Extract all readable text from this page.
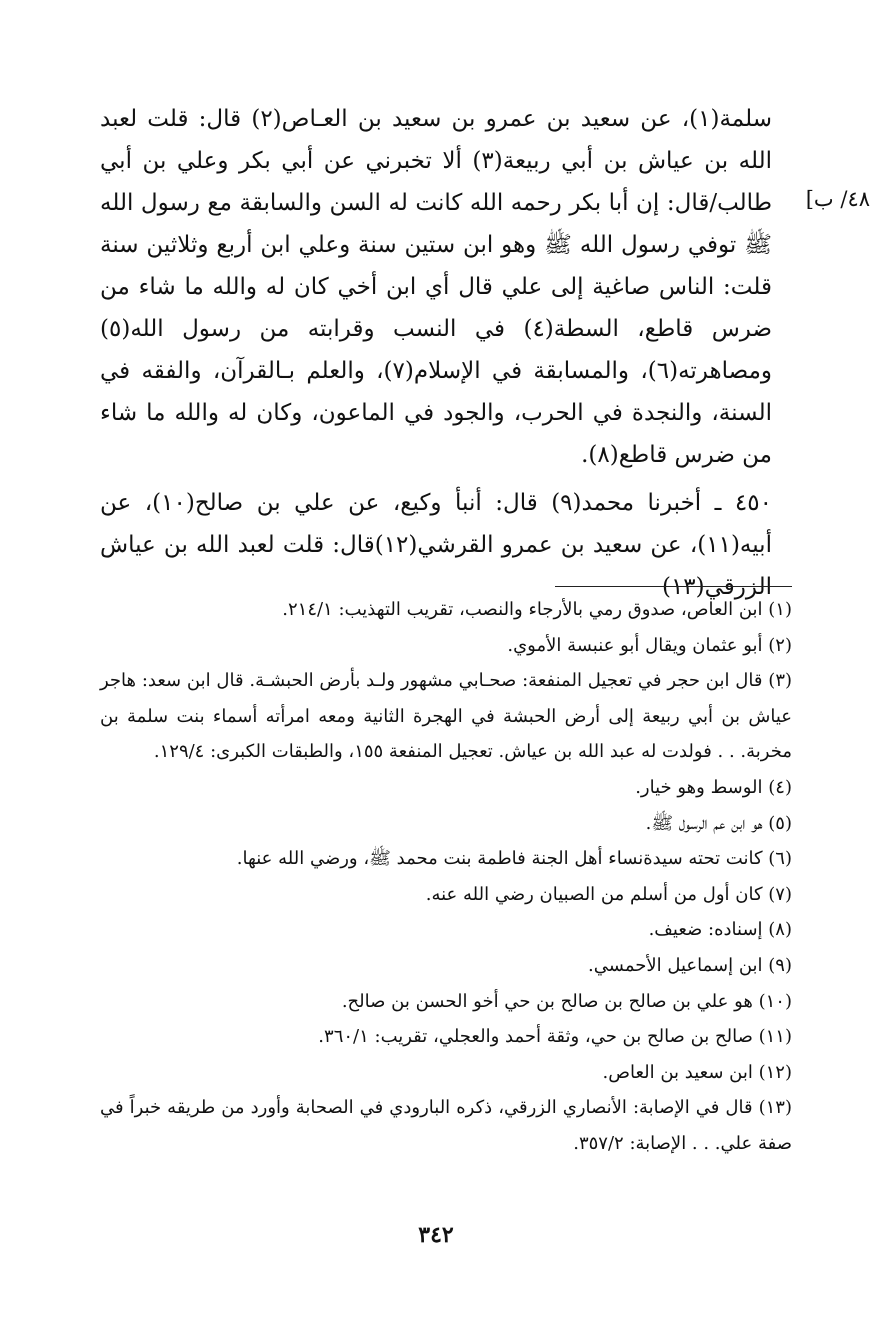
٤٨/ ب]

سلمة(١)، عن سعيد بن عمرو بن سعيد بن العـاص(٢) قال: قلت لعبد الله بن عياش بن أبي ربيعة(٣) ألا تخبرني عن أبي بكر وعلي بن أبي طالب/قال: إن أبا بكر رحمه الله كانت له السن والسابقة مع رسول الله ﷺ توفي رسول الله ﷺ وهو ابن ستين سنة وعلي ابن أربع وثلاثين سنة قلت: الناس صاغية إلى علي قال أي ابن أخي كان له والله ما شاء من ضرس قاطع، السطة(٤) في النسب وقرابته من رسول الله(٥) ومصاهرته(٦)، والمسابقة في الإسلام(٧)، والعلم بـالقرآن، والفقه في السنة، والنجدة في الحرب، والجود في الماعون، وكان له والله ما شاء من ضرس قاطع(٨).

٤٥٠ ـ أخبرنا محمد(٩) قال: أنبأ وكيع، عن علي بن صالح(١٠)، عن أبيه(١١)، عن سعيد بن عمرو القرشي(١٢)قال: قلت لعبد الله بن عياش الزرقي(١٣)

(١) ابن العاص، صدوق رمي بالأرجاء والنصب، تقريب التهذيب: ٢١٤/١.
(٢) أبو عثمان ويقال أبو عنبسة الأموي.
(٣) قال ابن حجر في تعجيل المنفعة: صحـابي مشهور ولـد بأرض الحبشـة. قال ابن سعد: هاجر عياش بن أبي ربيعة إلى أرض الحبشة في الهجرة الثانية ومعه امرأته أسماء بنت سلمة بن مخربة. . . فولدت له عبد الله بن عياش. تعجيل المنفعة ١٥٥، والطبقات الكبرى: ١٢٩/٤.
(٤) الوسط وهو خيار.
(٥) هو ابن عم الرسول ﷺ.
(٦) كانت تحته سيدةنساء أهل الجنة فاطمة بنت محمد ﷺ، ورضي الله عنها.
(٧) كان أول من أسلم من الصبيان رضي الله عنه.
(٨) إسناده: ضعيف.
(٩) ابن إسماعيل الأحمسي.
(١٠) هو علي بن صالح بن صالح بن حي أخو الحسن بن صالح.
(١١) صالح بن صالح بن حي، وثقة أحمد والعجلي، تقريب: ٣٦٠/١.
(١٢) ابن سعيد بن العاص.
(١٣) قال في الإصابة: الأنصاري الزرقي، ذكره البارودي في الصحابة وأورد من طريقه خبراً في صفة علي. . . الإصابة: ٣٥٧/٢.
٣٤٢
